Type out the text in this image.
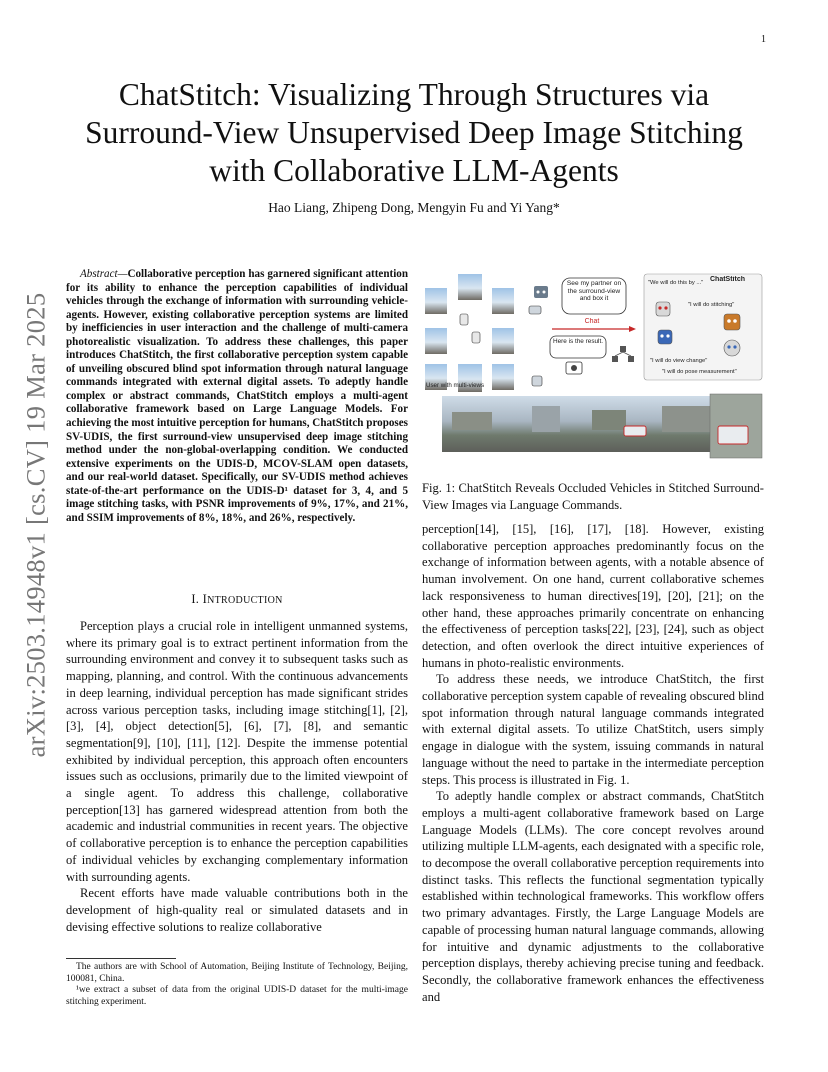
1
ChatStitch: Visualizing Through Structures via Surround-View Unsupervised Deep Image Stitching with Collaborative LLM-Agents
Hao Liang, Zhipeng Dong, Mengyin Fu and Yi Yang*
arXiv:2503.14948v1 [cs.CV] 19 Mar 2025
Abstract—Collaborative perception has garnered significant attention for its ability to enhance the perception capabilities of individual vehicles through the exchange of information with surrounding vehicle-agents. However, existing collaborative perception systems are limited by inefficiencies in user interaction and the challenge of multi-camera photorealistic visualization. To address these challenges, this paper introduces ChatStitch, the first collaborative perception system capable of unveiling obscured blind spot information through natural language commands integrated with external digital assets. To adeptly handle complex or abstract commands, ChatStitch employs a multi-agent collaborative framework based on Large Language Models. For achieving the most intuitive perception for humans, ChatStitch proposes SV-UDIS, the first surround-view unsupervised deep image stitching method under the non-global-overlapping condition. We conducted extensive experiments on the UDIS-D, MCOV-SLAM open datasets, and our real-world dataset. Specifically, our SV-UDIS method achieves state-of-the-art performance on the UDIS-D¹ dataset for 3, 4, and 5 image stitching tasks, with PSNR improvements of 9%, 17%, and 21%, and SSIM improvements of 8%, 18%, and 26%, respectively.
I. INTRODUCTION

Perception plays a crucial role in intelligent unmanned systems, where its primary goal is to extract pertinent information from the surrounding environment and convey it to subsequent tasks such as mapping, planning, and control. With the continuous advancements in deep learning, individual perception has made significant strides across various perception tasks, including image stitching[1], [2], [3], [4], object detection[5], [6], [7], [8], and semantic segmentation[9], [10], [11], [12]. Despite the immense potential exhibited by individual perception, this approach often encounters issues such as occlusions, primarily due to the limited viewpoint of a single agent. To address this challenge, collaborative perception[13] has garnered widespread attention from both the academic and industrial communities in recent years. The objective of collaborative perception is to enhance the perception capabilities of individual vehicles by exchanging complementary information with surrounding agents.

Recent efforts have made valuable contributions both in the development of high-quality real or simulated datasets and in devising effective solutions to realize collaborative

The authors are with School of Automation, Beijing Institute of Technology, Beijing, 100081, China.

¹we extract a subset of data from the original UDIS-D dataset for the multi-image stitching experiment.

See my partner on the surround-view and box it
Chat
Here is the result.
ChatStitch
"We will do this by ..."
"I will do stitching"
"I will do view change"
"I will do pose measurement"
User with multi-views
Fig. 1: ChatStitch Reveals Occluded Vehicles in Stitched Surround-View Images via Language Commands.

perception[14], [15], [16], [17], [18]. However, existing collaborative perception approaches predominantly focus on the exchange of information between agents, with a notable absence of human involvement. On one hand, current collaborative schemes lack responsiveness to human directives[19], [20], [21]; on the other hand, these approaches primarily concentrate on enhancing the effectiveness of perception tasks[22], [23], [24], such as object detection, and often overlook the direct intuitive experiences of humans in photo-realistic environments.

To address these needs, we introduce ChatStitch, the first collaborative perception system capable of revealing obscured blind spot information through natural language commands integrated with external digital assets. To utilize ChatStitch, users simply engage in dialogue with the system, issuing commands in natural language without the need to partake in the intermediate perception steps. This process is illustrated in Fig. 1.

To adeptly handle complex or abstract commands, ChatStitch employs a multi-agent collaborative framework based on Large Language Models (LLMs). The core concept revolves around utilizing multiple LLM-agents, each designated with a specific role, to decompose the overall collaborative perception requirements into distinct tasks. This reflects the functional segmentation typically established within technological frameworks. This workflow offers two primary advantages. Firstly, the Large Language Models are capable of processing human natural language commands, allowing for intuitive and dynamic adjustments to the collaborative perception displays, thereby achieving precise tuning and feedback. Secondly, the collaborative framework enhances the effectiveness and
